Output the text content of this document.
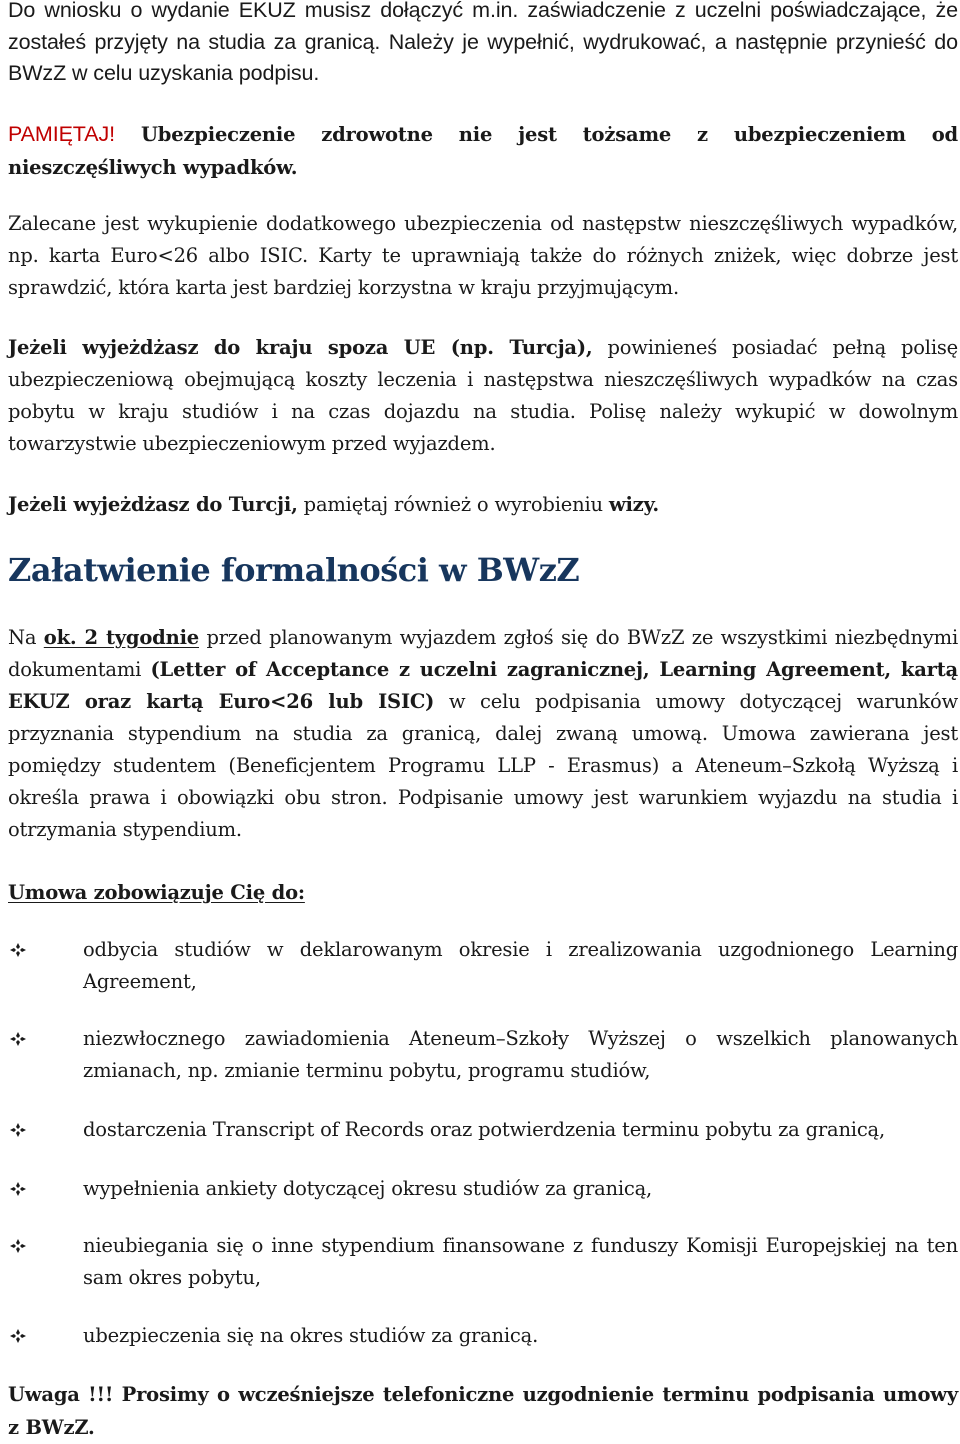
Do wniosku o wydanie EKUZ musisz dołączyć m.in. zaświadczenie z uczelni poświadczające, że zostałeś przyjęty na studia za granicą. Należy je wypełnić, wydrukować, a następnie przynieść do BWzZ w celu uzyskania podpisu.

PAMIĘTAJ! Ubezpieczenie zdrowotne nie jest tożsame z ubezpieczeniem od nieszczęśliwych wypadków.

Zalecane jest wykupienie dodatkowego ubezpieczenia od następstw nieszczęśliwych wypadków, np. karta Euro<26 albo ISIC. Karty te uprawniają także do różnych zniżek, więc dobrze jest sprawdzić, która karta jest bardziej korzystna w kraju przyjmującym.

Jeżeli wyjeżdżasz do kraju spoza UE (np. Turcja), powinieneś posiadać pełną polisę ubezpieczeniową obejmującą koszty leczenia i następstwa nieszczęśliwych wypadków na czas pobytu w kraju studiów i na czas dojazdu na studia. Polisę należy wykupić w dowolnym towarzystwie ubezpieczeniowym przed wyjazdem.

Jeżeli wyjeżdżasz do Turcji, pamiętaj również o wyrobieniu wizy.

Załatwienie formalności w BWzZ

Na ok. 2 tygodnie przed planowanym wyjazdem zgłoś się do BWzZ ze wszystkimi niezbędnymi dokumentami (Letter of Acceptance z uczelni zagranicznej, Learning Agreement, kartą EKUZ oraz kartą Euro<26 lub ISIC) w celu podpisania umowy dotyczącej warunków przyznania stypendium na studia za granicą, dalej zwaną umową. Umowa zawierana jest pomiędzy studentem (Beneficjentem Programu LLP - Erasmus) a Ateneum–Szkołą Wyższą i określa prawa i obowiązki obu stron. Podpisanie umowy jest warunkiem wyjazdu na studia i otrzymania stypendium.

Umowa zobowiązuje Cię do:

odbycia studiów w deklarowanym okresie i zrealizowania uzgodnionego Learning Agreement,
niezwłocznego zawiadomienia Ateneum–Szkoły Wyższej o wszelkich planowanych zmianach, np. zmianie terminu pobytu, programu studiów,
dostarczenia Transcript of Records oraz potwierdzenia terminu pobytu za granicą,
wypełnienia ankiety dotyczącej okresu studiów za granicą,
nieubiegania się o inne stypendium finansowane z funduszy Komisji Europejskiej na ten sam okres pobytu,
ubezpieczenia się na okres studiów za granicą.

Uwaga !!! Prosimy o wcześniejsze telefoniczne uzgodnienie terminu podpisania umowy z BWzZ.
